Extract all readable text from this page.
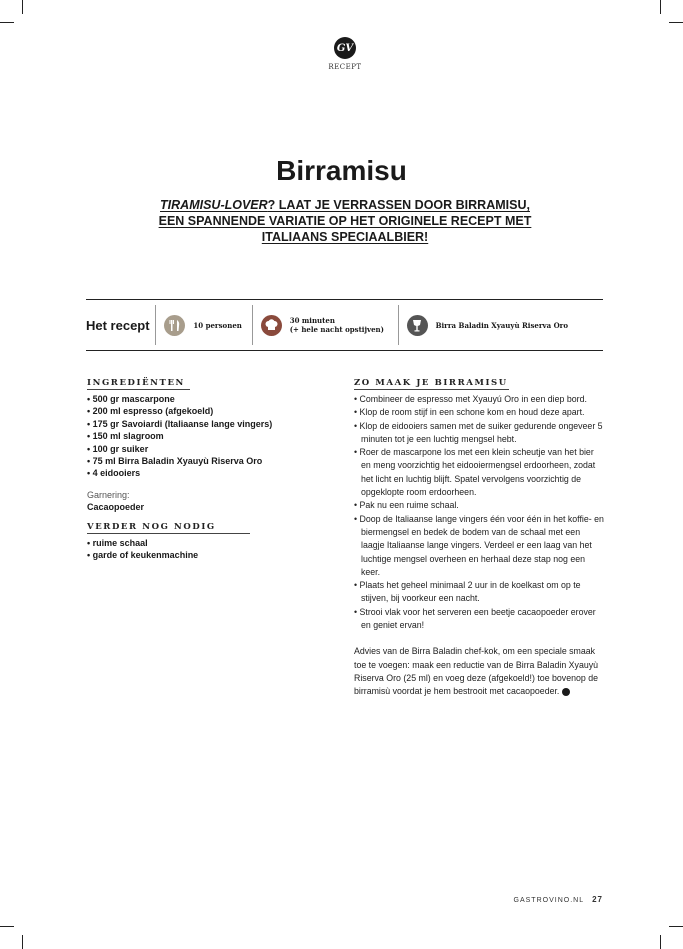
GV
RECEPT
Birramisu
TIRAMISU-LOVER? LAAT JE VERRASSEN DOOR BIRRAMISU,
EEN SPANNENDE VARIATIE OP HET ORIGINELE RECEPT MET
ITALIAANS SPECIAALBIER!
Het recept	10 personen	30 minuten
(+ hele nacht opstijven)	Birra Baladin Xyauyù Riserva Oro
INGREDIËNTEN
• 500 gr mascarpone
• 200 ml espresso (afgekoeld)
• 175 gr Savoiardi (Italiaanse lange vingers)
• 150 ml slagroom
• 100 gr suiker
• 75 ml Birra Baladin Xyauyù Riserva Oro
• 4 eidooiers
Garnering:
Cacaopoeder
VERDER NOG NODIG
• ruime schaal
• garde of keukenmachine
ZO MAAK JE BIRRAMISU
• Combineer de espresso met Xyauyú Oro in een diep bord.
• Klop de room stijf in een schone kom en houd deze apart.
• Klop de eidooiers samen met de suiker gedurende ongeveer 5 minuten tot je een luchtig mengsel hebt.
• Roer de mascarpone los met een klein scheutje van het bier en meng voorzichtig het eidooiermengsel erdoorheen, zodat het licht en luchtig blijft. Spatel vervolgens voorzichtig de opgeklopte room erdoorheen.
• Pak nu een ruime schaal.
• Doop de Italiaanse lange vingers één voor één in het koffie- en biermengsel en bedek de bodem van de schaal met een laagje Italiaanse lange vingers. Verdeel er een laag van het luchtige mengsel overheen en herhaal deze stap nog een keer.
• Plaats het geheel minimaal 2 uur in de koelkast om op te stijven, bij voorkeur een nacht.
• Strooi vlak voor het serveren een beetje cacaopoeder erover en geniet ervan!
Advies van de Birra Baladin chef-kok, om een speciale smaak toe te voegen: maak een reductie van de Birra Baladin Xyauyù Riserva Oro (25 ml) en voeg deze (afgekoeld!) toe bovenop de birramisù voordat je hem bestrooit met cacaopoeder.
GASTROVINO.NL 27
